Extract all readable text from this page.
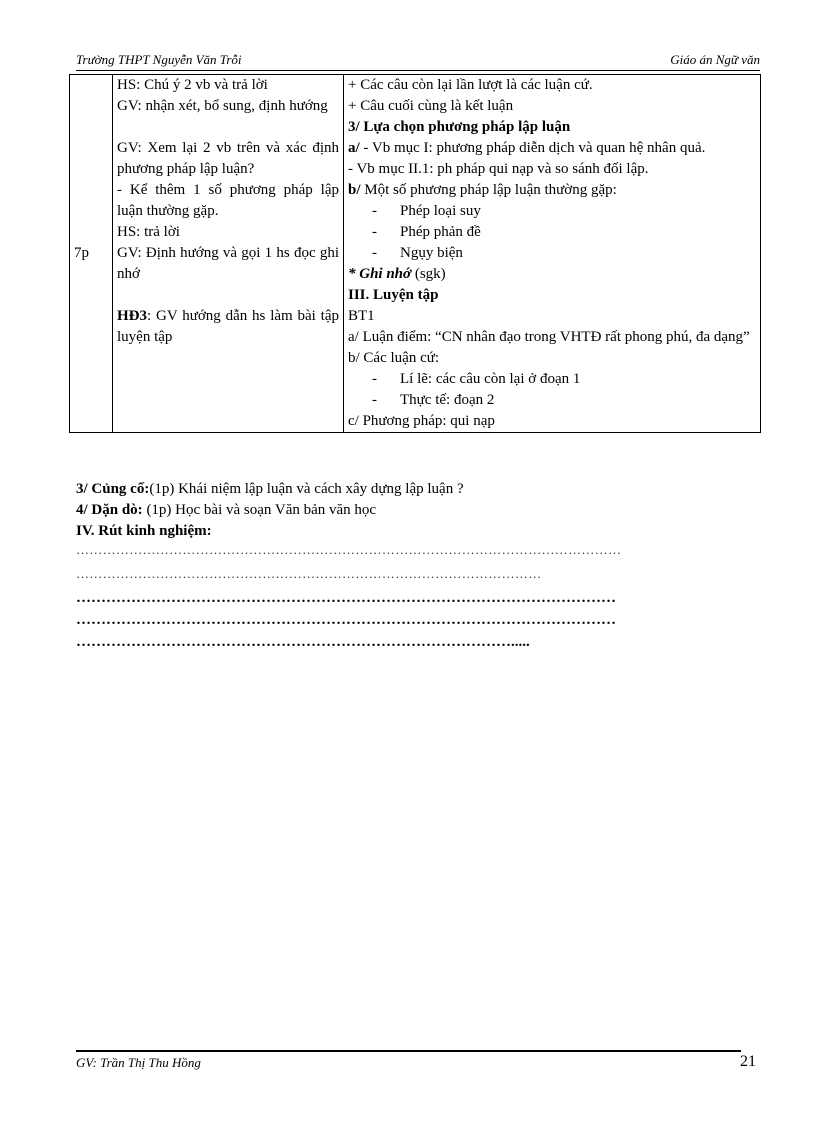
Trường THPT Nguyễn Văn Trỗi	Giáo án Ngữ văn
7p	
HS: Chú ý 2 vb và trả lời
GV: nhận xét, bổ sung, định hướng
GV: Xem lại 2 vb trên và xác định phương pháp lập luận?
- Kể thêm 1 số phương pháp lập luận thường gặp.
HS: trả lời
GV: Định hướng và gọi 1 hs đọc ghi nhớ
HĐ3: GV hướng dẫn hs làm bài tập luyện tập

+ Các câu còn lại lần lượt là các luận cứ.
+ Câu cuối cùng là kết luận
3/ Lựa chọn phương pháp lập luận
a/ - Vb mục I: phương pháp diễn dịch và quan hệ nhân quả.
- Vb mục II.1: ph pháp qui nạp và so sánh đối lập.
b/ Một số phương pháp lập luận thường gặp:
- Phép loại suy
- Phép phản đề
- Ngụy biện
* Ghi nhớ (sgk)
III. Luyện tập
BT1
a/ Luận điểm: “CN nhân đạo trong VHTĐ rất phong phú, đa dạng”
b/ Các luận cứ:
- Lí lẽ: các câu còn lại ở đoạn 1
- Thực tế: đoạn 2
c/ Phương pháp: qui nạp
3/ Củng cố:(1p) Khái niệm lập luận và cách xây dựng lập luận ?
4/ Dặn dò: (1p) Học bài và soạn Văn bản văn học
IV. Rút kinh nghiệm:
……………………………………………………………………………………………………………
……………………………………………………………………………………………
………………………………………………………………………………………………
………………………………………………………………………………………………
…………………………………………………………………………….....
GV: Trần Thị Thu Hồng	21
